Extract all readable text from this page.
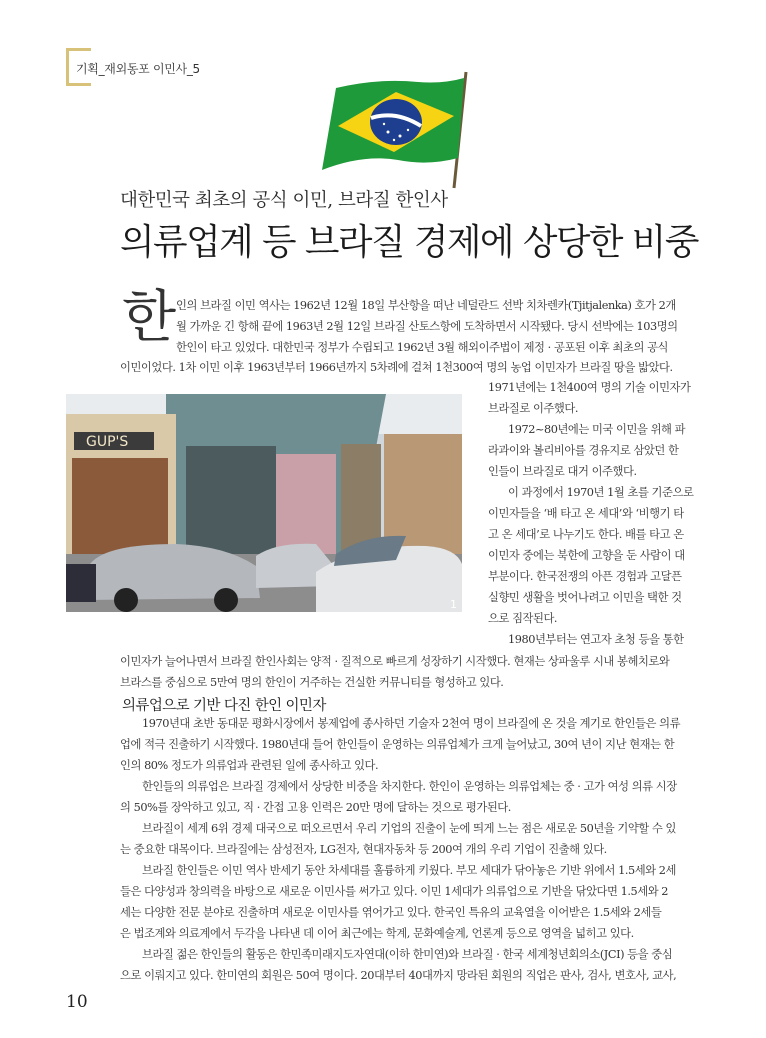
기획_재외동포 이민사_5
대한민국 최초의 공식 이민, 브라질 한인사
의류업계 등 브라질 경제에 상당한 비중
한 인의 브라질 이민 역사는 1962년 12월 18일 부산항을 떠난 네덜란드 선박 치차렌카(Tjitjalenka) 호가 2개
월 가까운 긴 항해 끝에 1963년 2월 12일 브라질 산토스항에 도착하면서 시작됐다. 당시 선박에는 103명의
한인이 타고 있었다. 대한민국 정부가 수립되고 1962년 3월 해외이주법이 제정 · 공포된 이후 최초의 공식
이민이었다. 1차 이민 이후 1963년부터 1966년까지 5차례에 걸쳐 1천300여 명의 농업 이민자가 브라질 땅을 밟았다.
GUP'S
1
1971년에는 1천400여 명의 기술 이민자가
브라질로 이주했다.
1972~80년에는 미국 이민을 위해 파
라과이와 볼리비아를 경유지로 삼았던 한
인들이 브라질로 대거 이주했다.
이 과정에서 1970년 1월 초를 기준으로
이민자들을 ‘배 타고 온 세대’와 ‘비행기 타
고 온 세대’로 나누기도 한다. 배를 타고 온
이민자 중에는 북한에 고향을 둔 사람이 대
부분이다. 한국전쟁의 아픈 경험과 고달픈
실향민 생활을 벗어나려고 이민을 택한 것
으로 짐작된다.
1980년부터는 연고자 초청 등을 통한
이민자가 늘어나면서 브라질 한인사회는 양적 · 질적으로 빠르게 성장하기 시작했다. 현재는 상파울루 시내 봉헤치로와
브라스를 중심으로 5만여 명의 한인이 거주하는 건실한 커뮤니티를 형성하고 있다.
의류업으로 기반 다진 한인 이민자
1970년대 초반 동대문 평화시장에서 봉제업에 종사하던 기술자 2천여 명이 브라질에 온 것을 계기로 한인들은 의류
업에 적극 진출하기 시작했다. 1980년대 들어 한인들이 운영하는 의류업체가 크게 늘어났고, 30여 년이 지난 현재는 한
인의 80% 정도가 의류업과 관련된 일에 종사하고 있다.
한인들의 의류업은 브라질 경제에서 상당한 비중을 차지한다. 한인이 운영하는 의류업체는 중 · 고가 여성 의류 시장
의 50%를 장악하고 있고, 직 · 간접 고용 인력은 20만 명에 달하는 것으로 평가된다.
브라질이 세계 6위 경제 대국으로 떠오르면서 우리 기업의 진출이 눈에 띄게 느는 점은 새로운 50년을 기약할 수 있
는 중요한 대목이다. 브라질에는 삼성전자, LG전자, 현대자동차 등 200여 개의 우리 기업이 진출해 있다.
브라질 한인들은 이민 역사 반세기 동안 차세대를 훌륭하게 키웠다. 부모 세대가 닦아놓은 기반 위에서 1.5세와 2세
들은 다양성과 창의력을 바탕으로 새로운 이민사를 써가고 있다. 이민 1세대가 의류업으로 기반을 닦았다면 1.5세와 2
세는 다양한 전문 분야로 진출하며 새로운 이민사를 엮어가고 있다. 한국인 특유의 교육열을 이어받은 1.5세와 2세들
은 법조계와 의료계에서 두각을 나타낸 데 이어 최근에는 학계, 문화예술계, 언론계 등으로 영역을 넓히고 있다.
브라질 젊은 한인들의 활동은 한민족미래지도자연대(이하 한미연)와 브라질 · 한국 세계청년회의소(JCI) 등을 중심
으로 이뤄지고 있다. 한미연의 회원은 50여 명이다. 20대부터 40대까지 망라된 회원의 직업은 판사, 검사, 변호사, 교사,
10
